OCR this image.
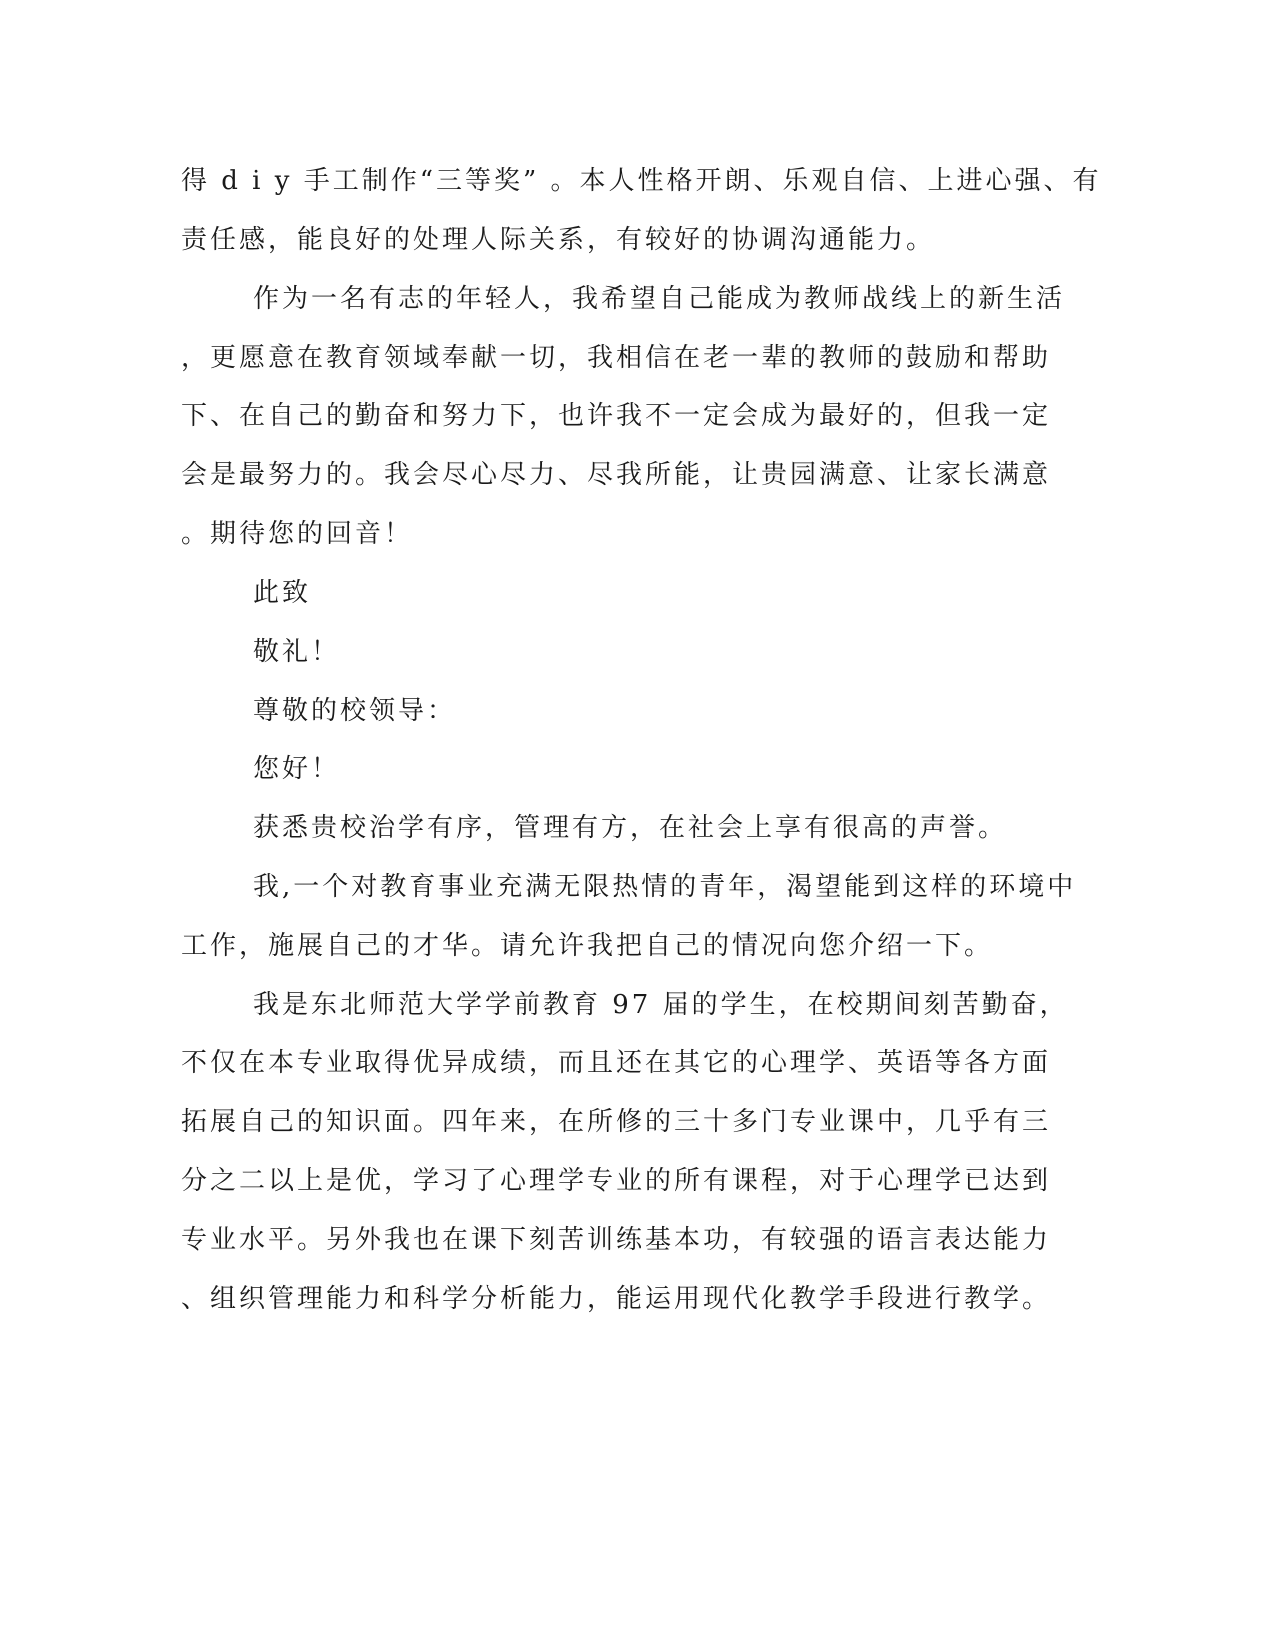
得 d i y 手工制作“三等奖” 。本人性格开朗、乐观自信、上进心强、有

责任感，能良好的处理人际关系，有较好的协调沟通能力。

作为一名有志的年轻人，我希望自己能成为教师战线上的新生活

，更愿意在教育领域奉献一切，我相信在老一辈的教师的鼓励和帮助

下、在自己的勤奋和努力下，也许我不一定会成为最好的，但我一定

会是最努力的。我会尽心尽力、尽我所能，让贵园满意、让家长满意

。期待您的回音！

此致

敬礼！

尊敬的校领导：

您好！

获悉贵校治学有序，管理有方，在社会上享有很高的声誉。

我,一个对教育事业充满无限热情的青年，渴望能到这样的环境中

工作，施展自己的才华。请允许我把自己的情况向您介绍一下。

我是东北师范大学学前教育 97 届的学生，在校期间刻苦勤奋，

不仅在本专业取得优异成绩，而且还在其它的心理学、英语等各方面

拓展自己的知识面。四年来，在所修的三十多门专业课中，几乎有三

分之二以上是优，学习了心理学专业的所有课程，对于心理学已达到

专业水平。另外我也在课下刻苦训练基本功，有较强的语言表达能力

、组织管理能力和科学分析能力，能运用现代化教学手段进行教学。
